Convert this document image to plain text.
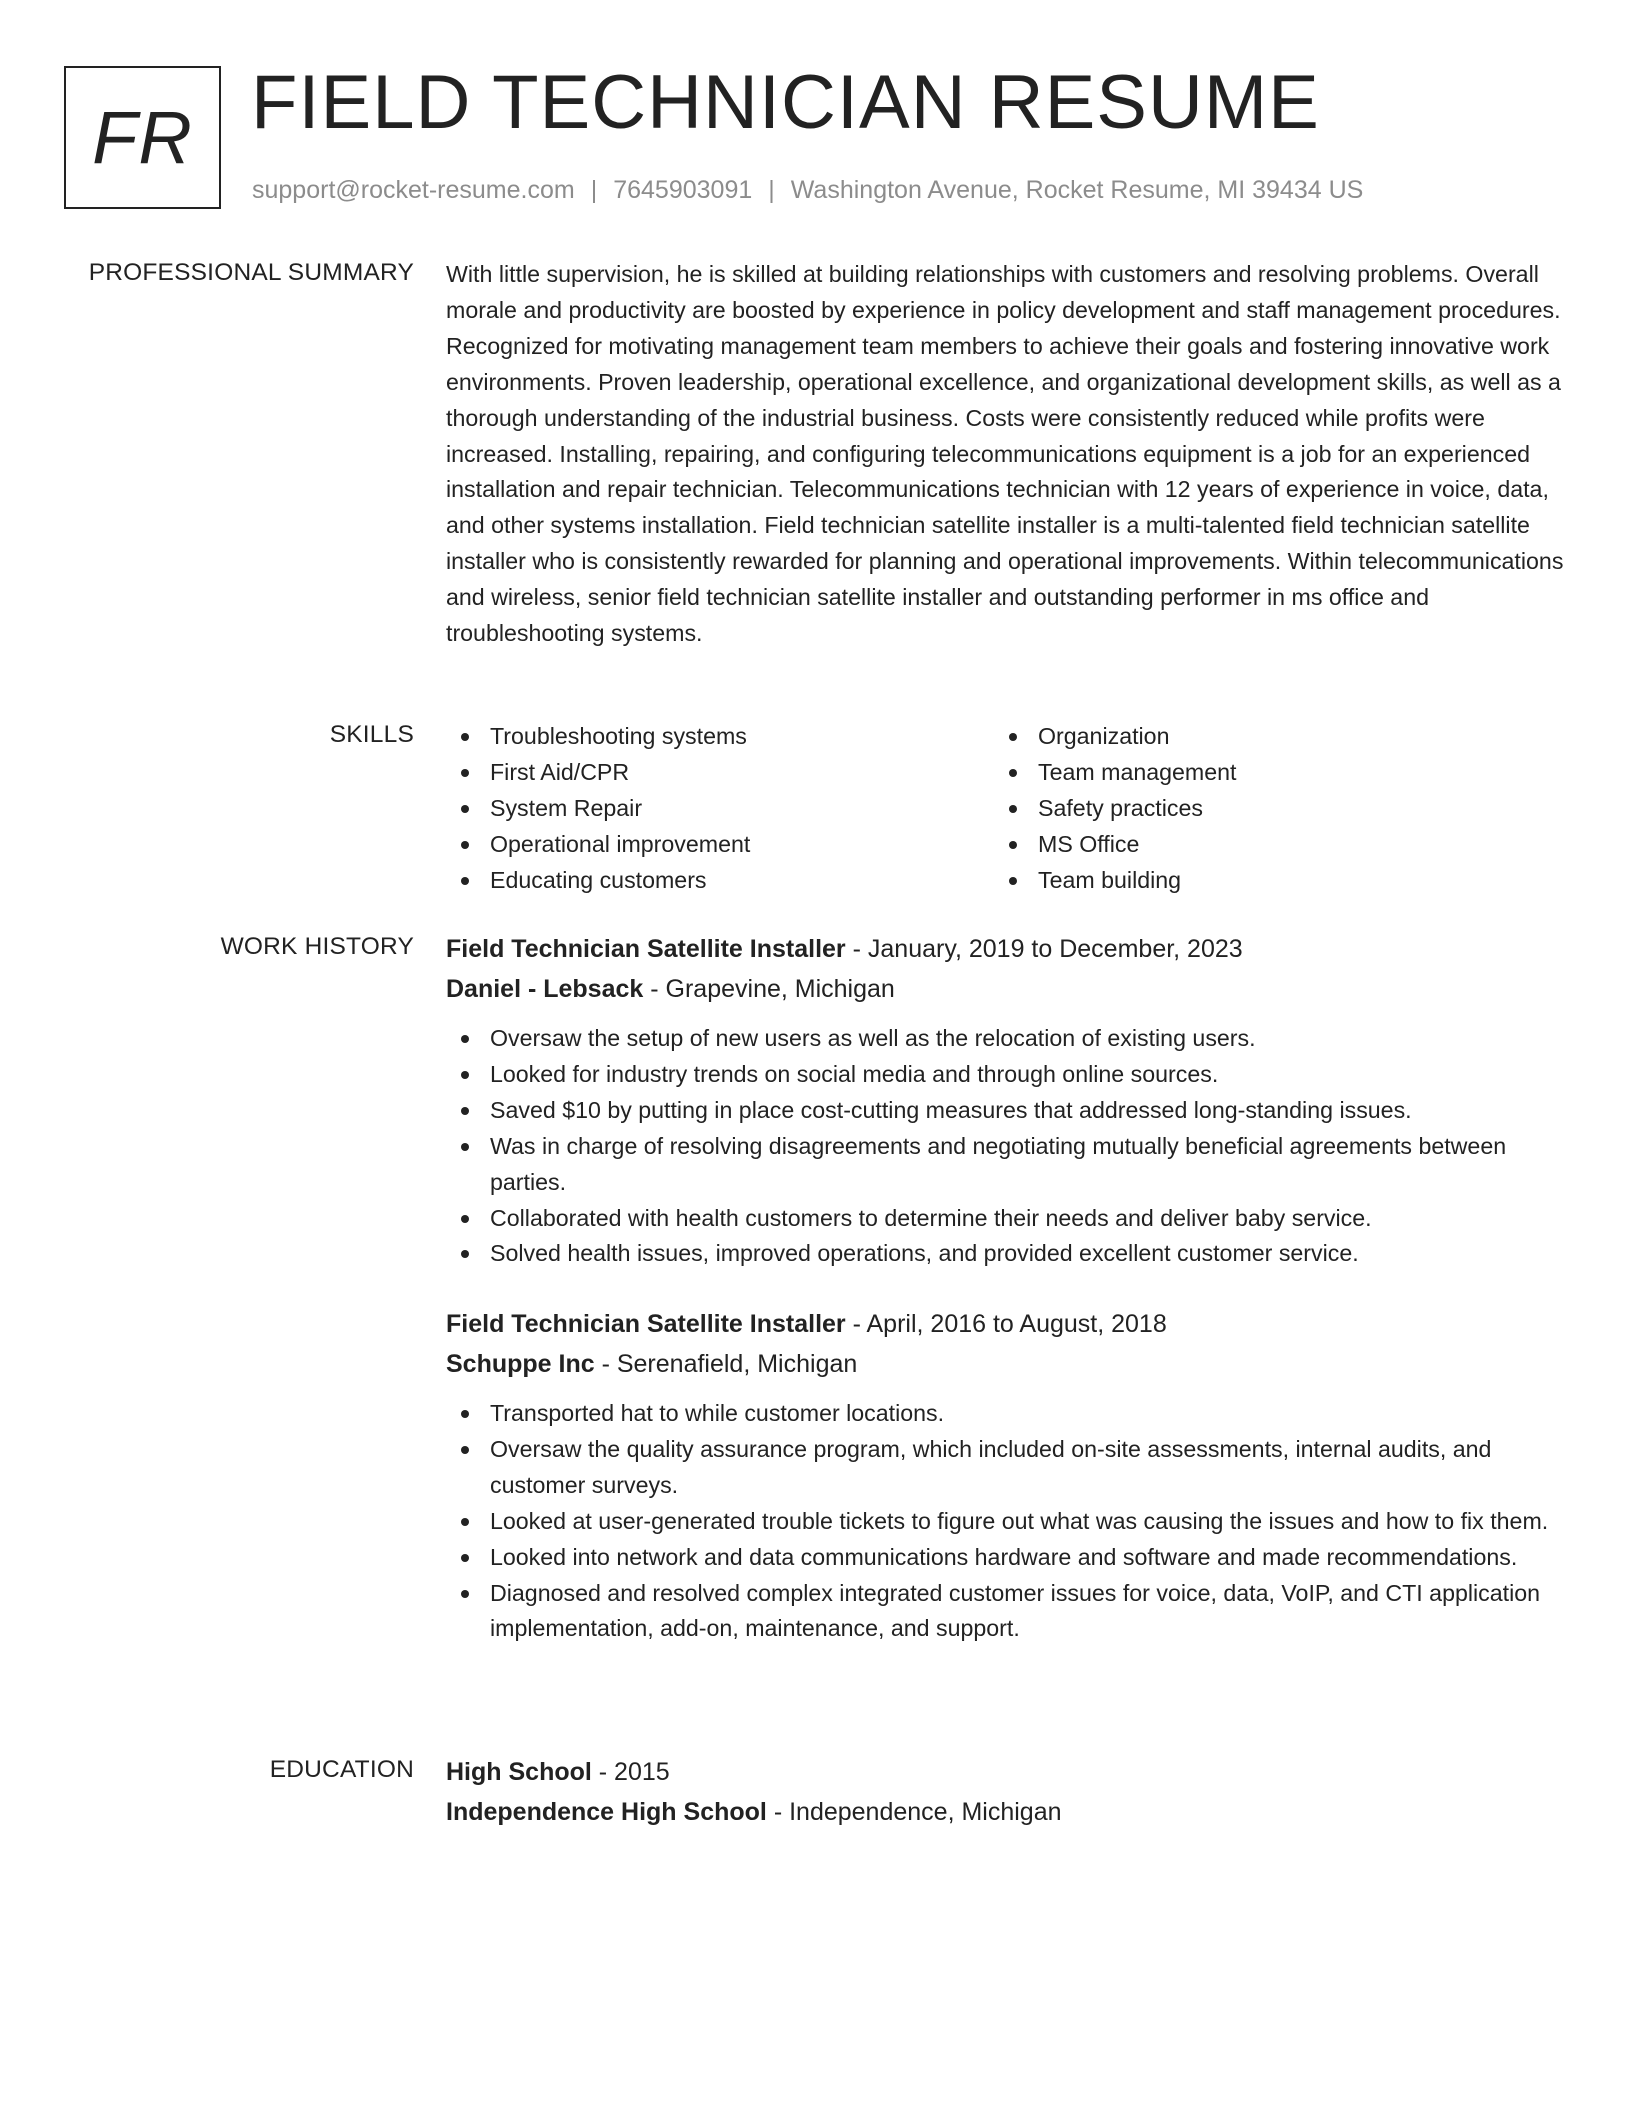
FR FIELD TECHNICIAN RESUME
support@rocket-resume.com | 7645903091 | Washington Avenue, Rocket Resume, MI 39434 US
PROFESSIONAL SUMMARY With little supervision, he is skilled at building relationships with customers and resolving problems. Overall morale and productivity are boosted by experience in policy development and staff management procedures. Recognized for motivating management team members to achieve their goals and fostering innovative work environments. Proven leadership, operational excellence, and organizational development skills, as well as a thorough understanding of the industrial business. Costs were consistently reduced while profits were increased. Installing, repairing, and configuring telecommunications equipment is a job for an experienced installation and repair technician. Telecommunications technician with 12 years of experience in voice, data, and other systems installation. Field technician satellite installer is a multi-talented field technician satellite installer who is consistently rewarded for planning and operational improvements. Within telecommunications and wireless, senior field technician satellite installer and outstanding performer in ms office and troubleshooting systems.

SKILLS	Troubleshooting systems
First Aid/CPR
System Repair
Operational improvement
Educating customers
Organization
Team management
Safety practices
MS Office
Team building
WORK HISTORY Field Technician Satellite Installer - January, 2019 to December, 2023
Daniel - Lebsack - Grapevine, Michigan
Oversaw the setup of new users as well as the relocation of existing users.
Looked for industry trends on social media and through online sources.
Saved $10 by putting in place cost-cutting measures that addressed long-standing issues.
Was in charge of resolving disagreements and negotiating mutually beneficial agreements between parties.
Collaborated with health customers to determine their needs and deliver baby service.
Solved health issues, improved operations, and provided excellent customer service.
Field Technician Satellite Installer - April, 2016 to August, 2018
Schuppe Inc - Serenafield, Michigan
Transported hat to while customer locations.
Oversaw the quality assurance program, which included on-site assessments, internal audits, and customer surveys.
Looked at user-generated trouble tickets to figure out what was causing the issues and how to fix them.
Looked into network and data communications hardware and software and made recommendations.
Diagnosed and resolved complex integrated customer issues for voice, data, VoIP, and CTI application implementation, add-on, maintenance, and support.
EDUCATION High School - 2015
Independence High School - Independence, Michigan
